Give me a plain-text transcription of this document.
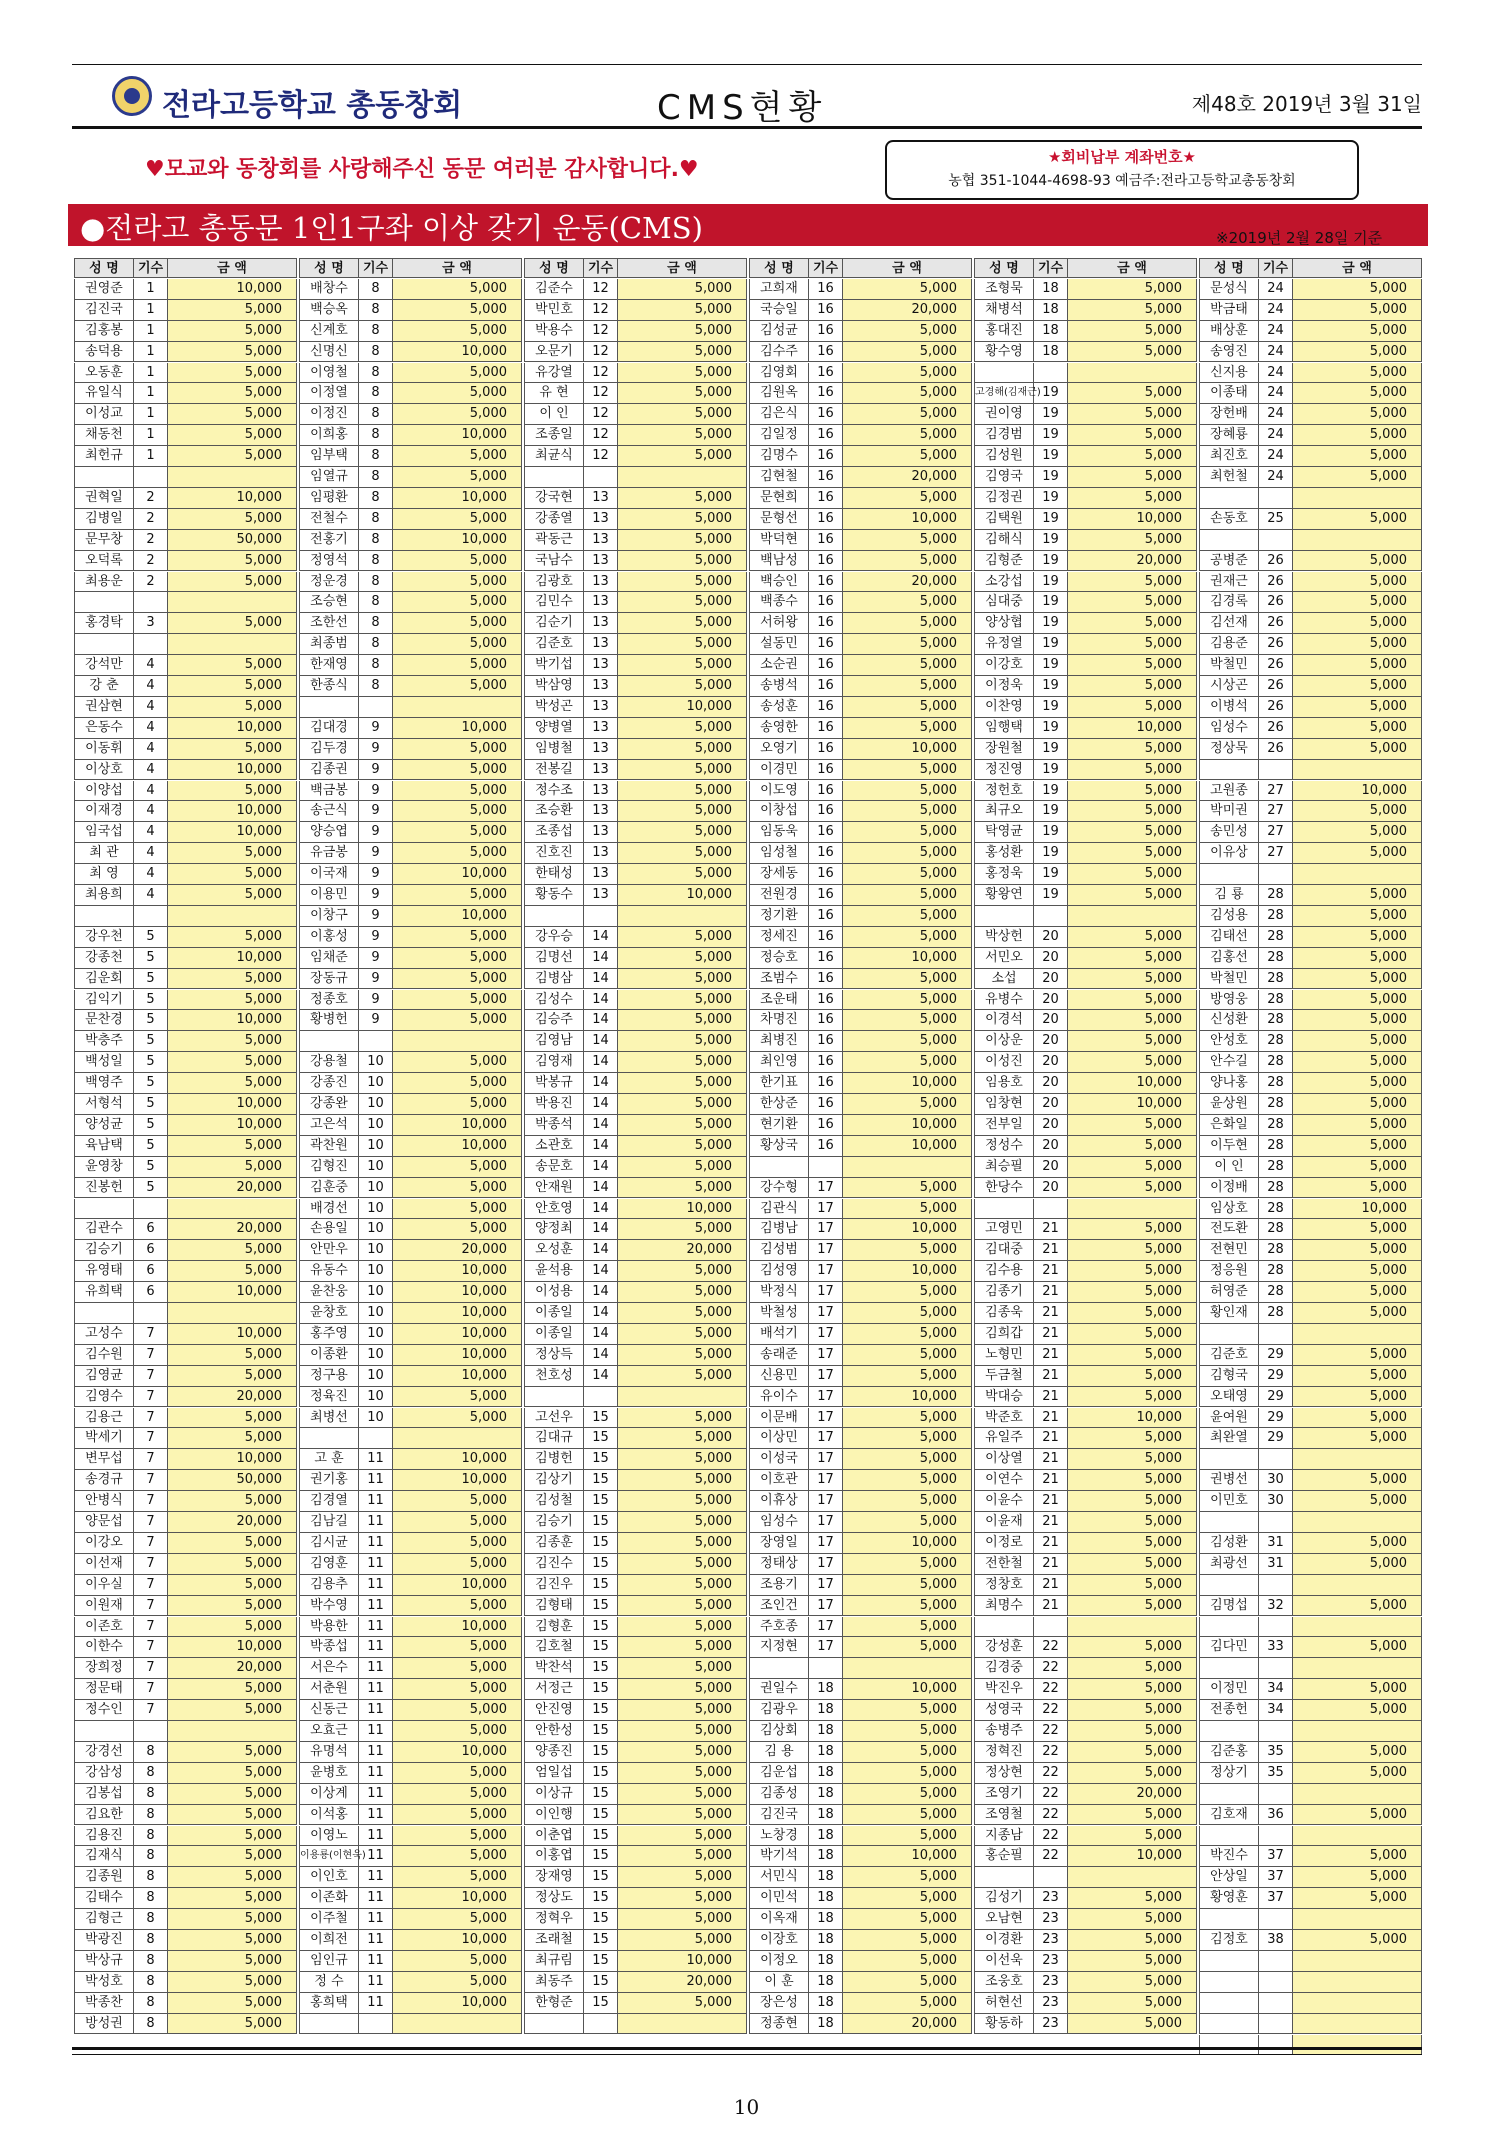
전라고등학교 총동창회	CMS현황	제48호 2019년 3월 31일
♥모교와 동창회를 사랑해주신 동문 여러분 감사합니다.♥	★회비납부 계좌번호★
농협 351-1044-4698-93 예금주:전라고등학교총동창회
●전라고 총동문 1인1구좌 이상 갖기 운동(CMS)	※2019년 2월 28일 기준
성 명	기수	금 액
권영준	1	10,000
김진국	1	5,000
김홍봉	1	5,000
송덕용	1	5,000
오동훈	1	5,000
유일식	1	5,000
이성교	1	5,000
채동천	1	5,000
최헌규	1	5,000
권혁일	2	10,000
김병일	2	5,000
문무창	2	50,000
오덕록	2	5,000
최용운	2	5,000
홍경탁	3	5,000
강석만	4	5,000
강 춘	4	5,000
권삼현	4	5,000
은동수	4	10,000
이동휘	4	5,000
이상호	4	10,000
이양섭	4	5,000
이재경	4	10,000
임국섭	4	10,000
최 관	4	5,000
최 영	4	5,000
최용희	4	5,000
강우천	5	5,000
강종천	5	10,000
김운회	5	5,000
김익기	5	5,000
문찬경	5	10,000
박충주	5	5,000
백성일	5	5,000
백영주	5	5,000
서형석	5	10,000
양성균	5	10,000
육남택	5	5,000
윤영창	5	5,000
진봉헌	5	20,000
김관수	6	20,000
김승기	6	5,000
유영태	6	5,000
유희택	6	10,000
고성수	7	10,000
김수원	7	5,000
김영균	7	5,000
김영수	7	20,000
김용근	7	5,000
박세기	7	5,000
변무섭	7	10,000
송경규	7	50,000
안병식	7	5,000
양문섭	7	20,000
이강오	7	5,000
이선재	7	5,000
이우실	7	5,000
이원재	7	5,000
이존호	7	5,000
이한수	7	10,000
장희정	7	20,000
정문태	7	5,000
정수인	7	5,000
강경선	8	5,000
강삼성	8	5,000
김봉섭	8	5,000
김요한	8	5,000
김용진	8	5,000
김재식	8	5,000
김종원	8	5,000
김태수	8	5,000
김형근	8	5,000
박광진	8	5,000
박상규	8	5,000
박성호	8	5,000
박종찬	8	5,000
방성권	8	5,000
성 명	기수	금 액
배창수	8	5,000
백승옥	8	5,000
신계호	8	5,000
신명신	8	10,000
이영철	8	5,000
이정열	8	5,000
이정진	8	5,000
이희홍	8	10,000
임부택	8	5,000
임열규	8	5,000
임평환	8	10,000
전철수	8	5,000
전홍기	8	10,000
정영석	8	5,000
정운경	8	5,000
조승현	8	5,000
조한선	8	5,000
최종범	8	5,000
한재영	8	5,000
한종식	8	5,000
김대경	9	10,000
김두경	9	5,000
김종권	9	5,000
백금봉	9	5,000
송근식	9	5,000
양승엽	9	5,000
유금봉	9	5,000
이국재	9	10,000
이용민	9	5,000
이창구	9	10,000
이홍성	9	5,000
임채준	9	5,000
장동규	9	5,000
정종호	9	5,000
황병헌	9	5,000
강용철	10	5,000
강종진	10	5,000
강종완	10	5,000
고은석	10	10,000
곽찬원	10	10,000
김형진	10	5,000
김훈중	10	5,000
배경선	10	5,000
손용일	10	5,000
안만우	10	20,000
유동수	10	10,000
윤찬웅	10	10,000
윤창호	10	10,000
홍주영	10	10,000
이종환	10	10,000
정구용	10	10,000
정육진	10	5,000
최병선	10	5,000
고 훈	11	10,000
권기홍	11	10,000
김경열	11	5,000
김남길	11	5,000
김시균	11	5,000
김영훈	11	5,000
김용추	11	10,000
박수영	11	5,000
박용한	11	10,000
박종섭	11	5,000
서은수	11	5,000
서춘원	11	5,000
신동근	11	5,000
오효근	11	5,000
유명석	11	10,000
윤병호	11	5,000
이상계	11	5,000
이석홍	11	5,000
이영노	11	5,000
이용룡(이현욱) 11	5,000
이인호	11	5,000
이존화	11	10,000
이주철	11	5,000
이희전	11	10,000
임인규	11	5,000
정 수	11	5,000
홍희택	11	10,000
성 명	기수	금 액
김준수	12	5,000
박민호	12	5,000
박용수	12	5,000
오문기	12	5,000
유강열	12	5,000
유 현	12	5,000
이 인	12	5,000
조종일	12	5,000
최균식	12	5,000
강국현	13	5,000
강종열	13	5,000
곽동근	13	5,000
국남수	13	5,000
김광호	13	5,000
김민수	13	5,000
김순기	13	5,000
김준호	13	5,000
박기섭	13	5,000
박삼영	13	5,000
박성곤	13	10,000
양병열	13	5,000
임병철	13	5,000
전봉길	13	5,000
정수조	13	5,000
조승환	13	5,000
조종섭	13	5,000
진호진	13	5,000
한태성	13	5,000
황동수	13	10,000
강우승	14	5,000
김명선	14	5,000
김병삼	14	5,000
김성수	14	5,000
김승주	14	5,000
김영남	14	5,000
김영재	14	5,000
박봉규	14	5,000
박용진	14	5,000
박종석	14	5,000
소관호	14	5,000
송문호	14	5,000
안재원	14	5,000
안호영	14	10,000
양정최	14	5,000
오성훈	14	20,000
윤석용	14	5,000
이성용	14	5,000
이종일	14	5,000
이종일	14	5,000
정상득	14	5,000
천호성	14	5,000
고선우	15	5,000
김대규	15	5,000
김병헌	15	5,000
김상기	15	5,000
김성철	15	5,000
김승기	15	5,000
김종훈	15	5,000
김진수	15	5,000
김진우	15	5,000
김형태	15	5,000
김형훈	15	5,000
김호철	15	5,000
박찬석	15	5,000
서정근	15	5,000
안진영	15	5,000
안한성	15	5,000
양종진	15	5,000
엄일섭	15	5,000
이상규	15	5,000
이인행	15	5,000
이춘엽	15	5,000
이홍엽	15	5,000
장재영	15	5,000
정상도	15	5,000
정혁우	15	5,000
조래철	15	5,000
최규림	15	10,000
최동주	15	20,000
한형준	15	5,000
성 명	기수	금 액
고희재	16	5,000
국승일	16	20,000
김성균	16	5,000
김수주	16	5,000
김영회	16	5,000
김원옥	16	5,000
김은식	16	5,000
김일정	16	5,000
김명수	16	5,000
김현철	16	20,000
문현희	16	5,000
문형선	16	10,000
박덕현	16	5,000
백남성	16	5,000
백승인	16	20,000
백종수	16	5,000
서허왕	16	5,000
설동민	16	5,000
소순권	16	5,000
송병석	16	5,000
송성훈	16	5,000
송영한	16	5,000
오영기	16	10,000
이경민	16	5,000
이도영	16	5,000
이창섭	16	5,000
임동욱	16	5,000
임성철	16	5,000
장세동	16	5,000
전원경	16	5,000
정기환	16	5,000
정세진	16	5,000
정승호	16	10,000
조범수	16	5,000
조운태	16	5,000
차명진	16	5,000
최병진	16	5,000
최인영	16	5,000
한기표	16	10,000
한상준	16	5,000
현기환	16	10,000
황상국	16	10,000
강수형	17	5,000
김관식	17	5,000
김병남	17	10,000
김성범	17	5,000
김성영	17	10,000
박정식	17	5,000
박철성	17	5,000
배석기	17	5,000
송래준	17	5,000
신용민	17	5,000
유이수	17	10,000
이문배	17	5,000
이상민	17	5,000
이성국	17	5,000
이호관	17	5,000
이휴상	17	5,000
임성수	17	5,000
장영일	17	10,000
정태상	17	5,000
조용기	17	5,000
조인건	17	5,000
주호종	17	5,000
지정현	17	5,000
권일수	18	10,000
김광우	18	5,000
김상회	18	5,000
김 용	18	5,000
김운섭	18	5,000
김종성	18	5,000
김진국	18	5,000
노창경	18	5,000
박기석	18	10,000
서민식	18	5,000
이민석	18	5,000
이옥재	18	5,000
이장호	18	5,000
이정오	18	5,000
이 훈	18	5,000
장은성	18	5,000
정종현	18	20,000
성 명	기수	금 액
조형묵	18	5,000
채병석	18	5,000
홍대진	18	5,000
황수영	18	5,000
고경해(김재근) 19	5,000
권이영	19	5,000
김경범	19	5,000
김성원	19	5,000
김영국	19	5,000
김정권	19	5,000
김택원	19	10,000
김해식	19	5,000
김형준	19	20,000
소강섭	19	5,000
심대중	19	5,000
양상협	19	5,000
유정열	19	5,000
이강호	19	5,000
이정욱	19	5,000
이찬영	19	5,000
임행택	19	10,000
장원철	19	5,000
정진영	19	5,000
정헌호	19	5,000
최규오	19	5,000
탁영균	19	5,000
홍성환	19	5,000
홍정욱	19	5,000
황왕연	19	5,000
박상헌	20	5,000
서민오	20	5,000
소섭	20	5,000
유병수	20	5,000
이경석	20	5,000
이상운	20	5,000
이성진	20	5,000
임용호	20	10,000
임창현	20	10,000
전부일	20	5,000
정성수	20	5,000
최승필	20	5,000
한당수	20	5,000
고영민	21	5,000
김대중	21	5,000
김수용	21	5,000
김종기	21	5,000
김종욱	21	5,000
김희갑	21	5,000
노형민	21	5,000
두금철	21	5,000
박대승	21	5,000
박준호	21	10,000
유일주	21	5,000
이상열	21	5,000
이연수	21	5,000
이윤수	21	5,000
이윤재	21	5,000
이정로	21	5,000
전한철	21	5,000
정창호	21	5,000
최명수	21	5,000
강성훈	22	5,000
김경중	22	5,000
박진우	22	5,000
성영국	22	5,000
송병주	22	5,000
정혁진	22	5,000
정상현	22	5,000
조영기	22	20,000
조영철	22	5,000
지종남	22	5,000
홍순필	22	10,000
김성기	23	5,000
오남현	23	5,000
이경환	23	5,000
이선욱	23	5,000
조웅호	23	5,000
허현선	23	5,000
황동하	23	5,000
성 명	기수	금 액
문성식	24	5,000
박금태	24	5,000
배상훈	24	5,000
송영진	24	5,000
신지용	24	5,000
이종태	24	5,000
장헌배	24	5,000
장혜룡	24	5,000
최진호	24	5,000
최헌철	24	5,000
손동호	25	5,000
공병준	26	5,000
권재근	26	5,000
김경록	26	5,000
김선재	26	5,000
김용준	26	5,000
박철민	26	5,000
시상곤	26	5,000
이병석	26	5,000
임성수	26	5,000
정상묵	26	5,000
고원종	27	10,000
박미권	27	5,000
송민성	27	5,000
이유상	27	5,000
김 룡	28	5,000
김성용	28	5,000
김태선	28	5,000
김홍선	28	5,000
박철민	28	5,000
방영웅	28	5,000
신성환	28	5,000
안성호	28	5,000
안수길	28	5,000
양나홍	28	5,000
윤상원	28	5,000
은화일	28	5,000
이두현	28	5,000
이 인	28	5,000
이정배	28	5,000
임상호	28	10,000
전도환	28	5,000
전현민	28	5,000
정응원	28	5,000
허영준	28	5,000
황인재	28	5,000
김준호	29	5,000
김형국	29	5,000
오태영	29	5,000
윤여원	29	5,000
최완열	29	5,000
권병선	30	5,000
이민호	30	5,000
김성환	31	5,000
최광선	31	5,000
김명섭	32	5,000
김다민	33	5,000
이정민	34	5,000
전종헌	34	5,000
김준홍	35	5,000
정상기	35	5,000
김호재	36	5,000
박진수	37	5,000
안상일	37	5,000
황영훈	37	5,000
김정호	38	5,000
10
